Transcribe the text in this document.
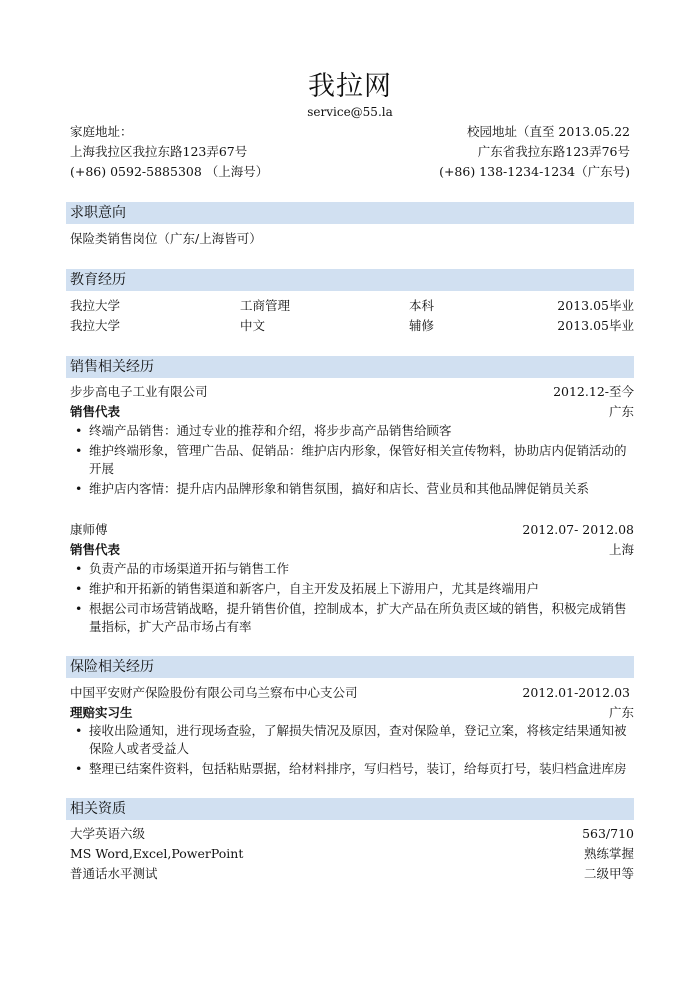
我拉网
service@55.la
家庭地址：	校园地址（直至 2013.05.22
上海我拉区我拉东路123弄67号	广东省我拉东路123弄76号
(+86) 0592-5885308 （上海号）	(+86) 138-1234-1234（广东号)
求职意向
保险类销售岗位（广东/上海皆可）
教育经历
我拉大学	工商管理	本科	2013.05毕业
我拉大学	中文	辅修	2013.05毕业
销售相关经历
步步高电子工业有限公司	2012.12-至今
销售代表	广东
• 终端产品销售：通过专业的推荐和介绍，将步步高产品销售给顾客
• 维护终端形象，管理广告品、促销品：维护店内形象，保管好相关宣传物料，协助店内促销活动的开展
• 维护店内客情：提升店内品牌形象和销售氛围，搞好和店长、营业员和其他品牌促销员关系
康师傅	2012.07- 2012.08
销售代表	上海
• 负责产品的市场渠道开拓与销售工作
• 维护和开拓新的销售渠道和新客户，自主开发及拓展上下游用户，尤其是终端用户
• 根据公司市场营销战略，提升销售价值，控制成本，扩大产品在所负责区域的销售，积极完成销售量指标，扩大产品市场占有率
保险相关经历
中国平安财产保险股份有限公司乌兰察布中心支公司	2012.01-2012.03
理赔实习生	广东
• 接收出险通知，进行现场查验，了解损失情况及原因，查对保险单，登记立案，将核定结果通知被保险人或者受益人
• 整理已结案件资料，包括粘贴票据，给材料排序，写归档号，装订，给每页打号，装归档盒进库房
相关资质
大学英语六级	563/710
MS Word,Excel,PowerPoint	熟练掌握
普通话水平测试	二级甲等
